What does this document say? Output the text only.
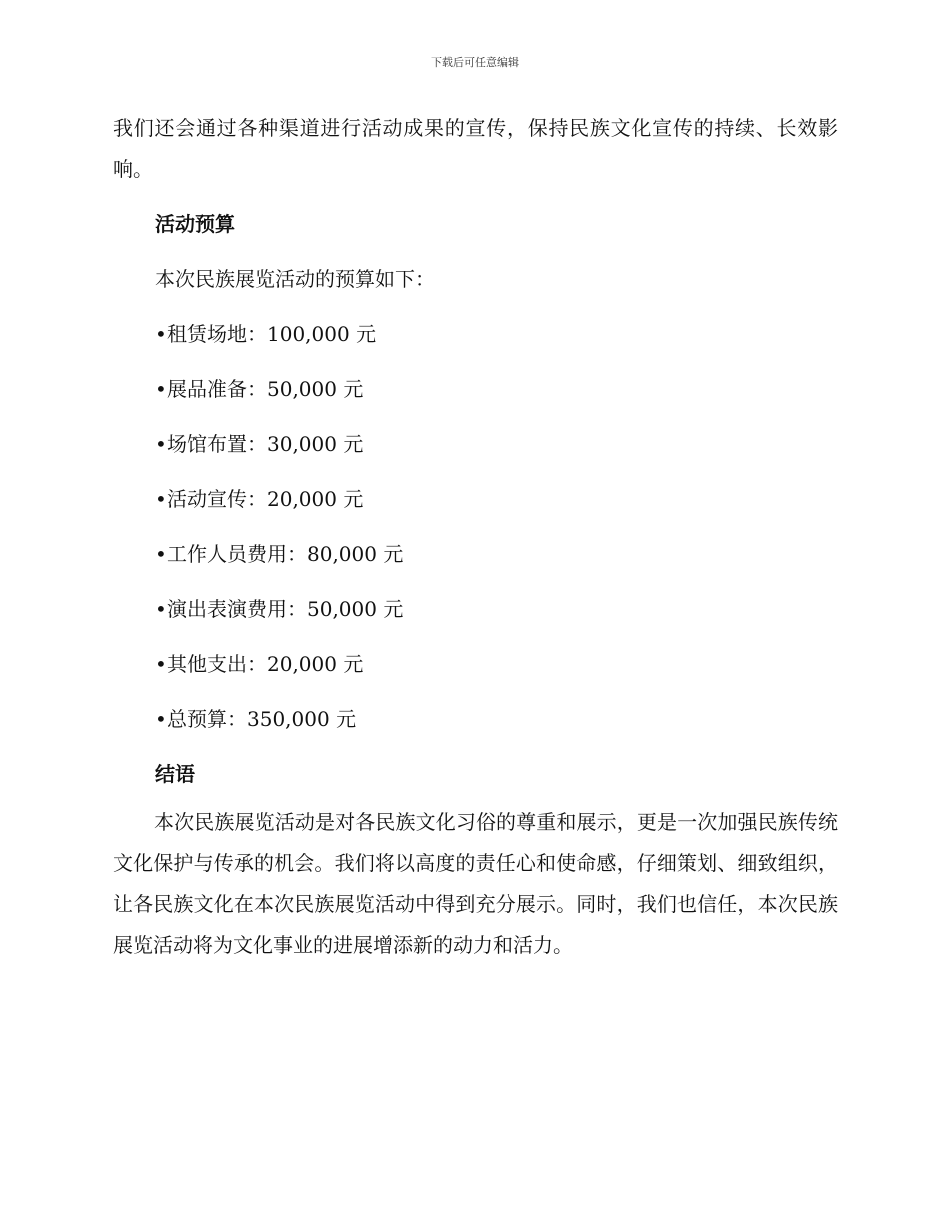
下载后可任意编辑

我们还会通过各种渠道进行活动成果的宣传，保持民族文化宣传的持续、长效影响。

活动预算

本次民族展览活动的预算如下：

•租赁场地：100,000 元
•展品准备：50,000 元
•场馆布置：30,000 元
•活动宣传：20,000 元
•工作人员费用：80,000 元
•演出表演费用：50,000 元
•其他支出：20,000 元
•总预算：350,000 元
结语

本次民族展览活动是对各民族文化习俗的尊重和展示，更是一次加强民族传统文化保护与传承的机会。我们将以高度的责任心和使命感，仔细策划、细致组织，让各民族文化在本次民族展览活动中得到充分展示。同时，我们也信任，本次民族展览活动将为文化事业的进展增添新的动力和活力。
